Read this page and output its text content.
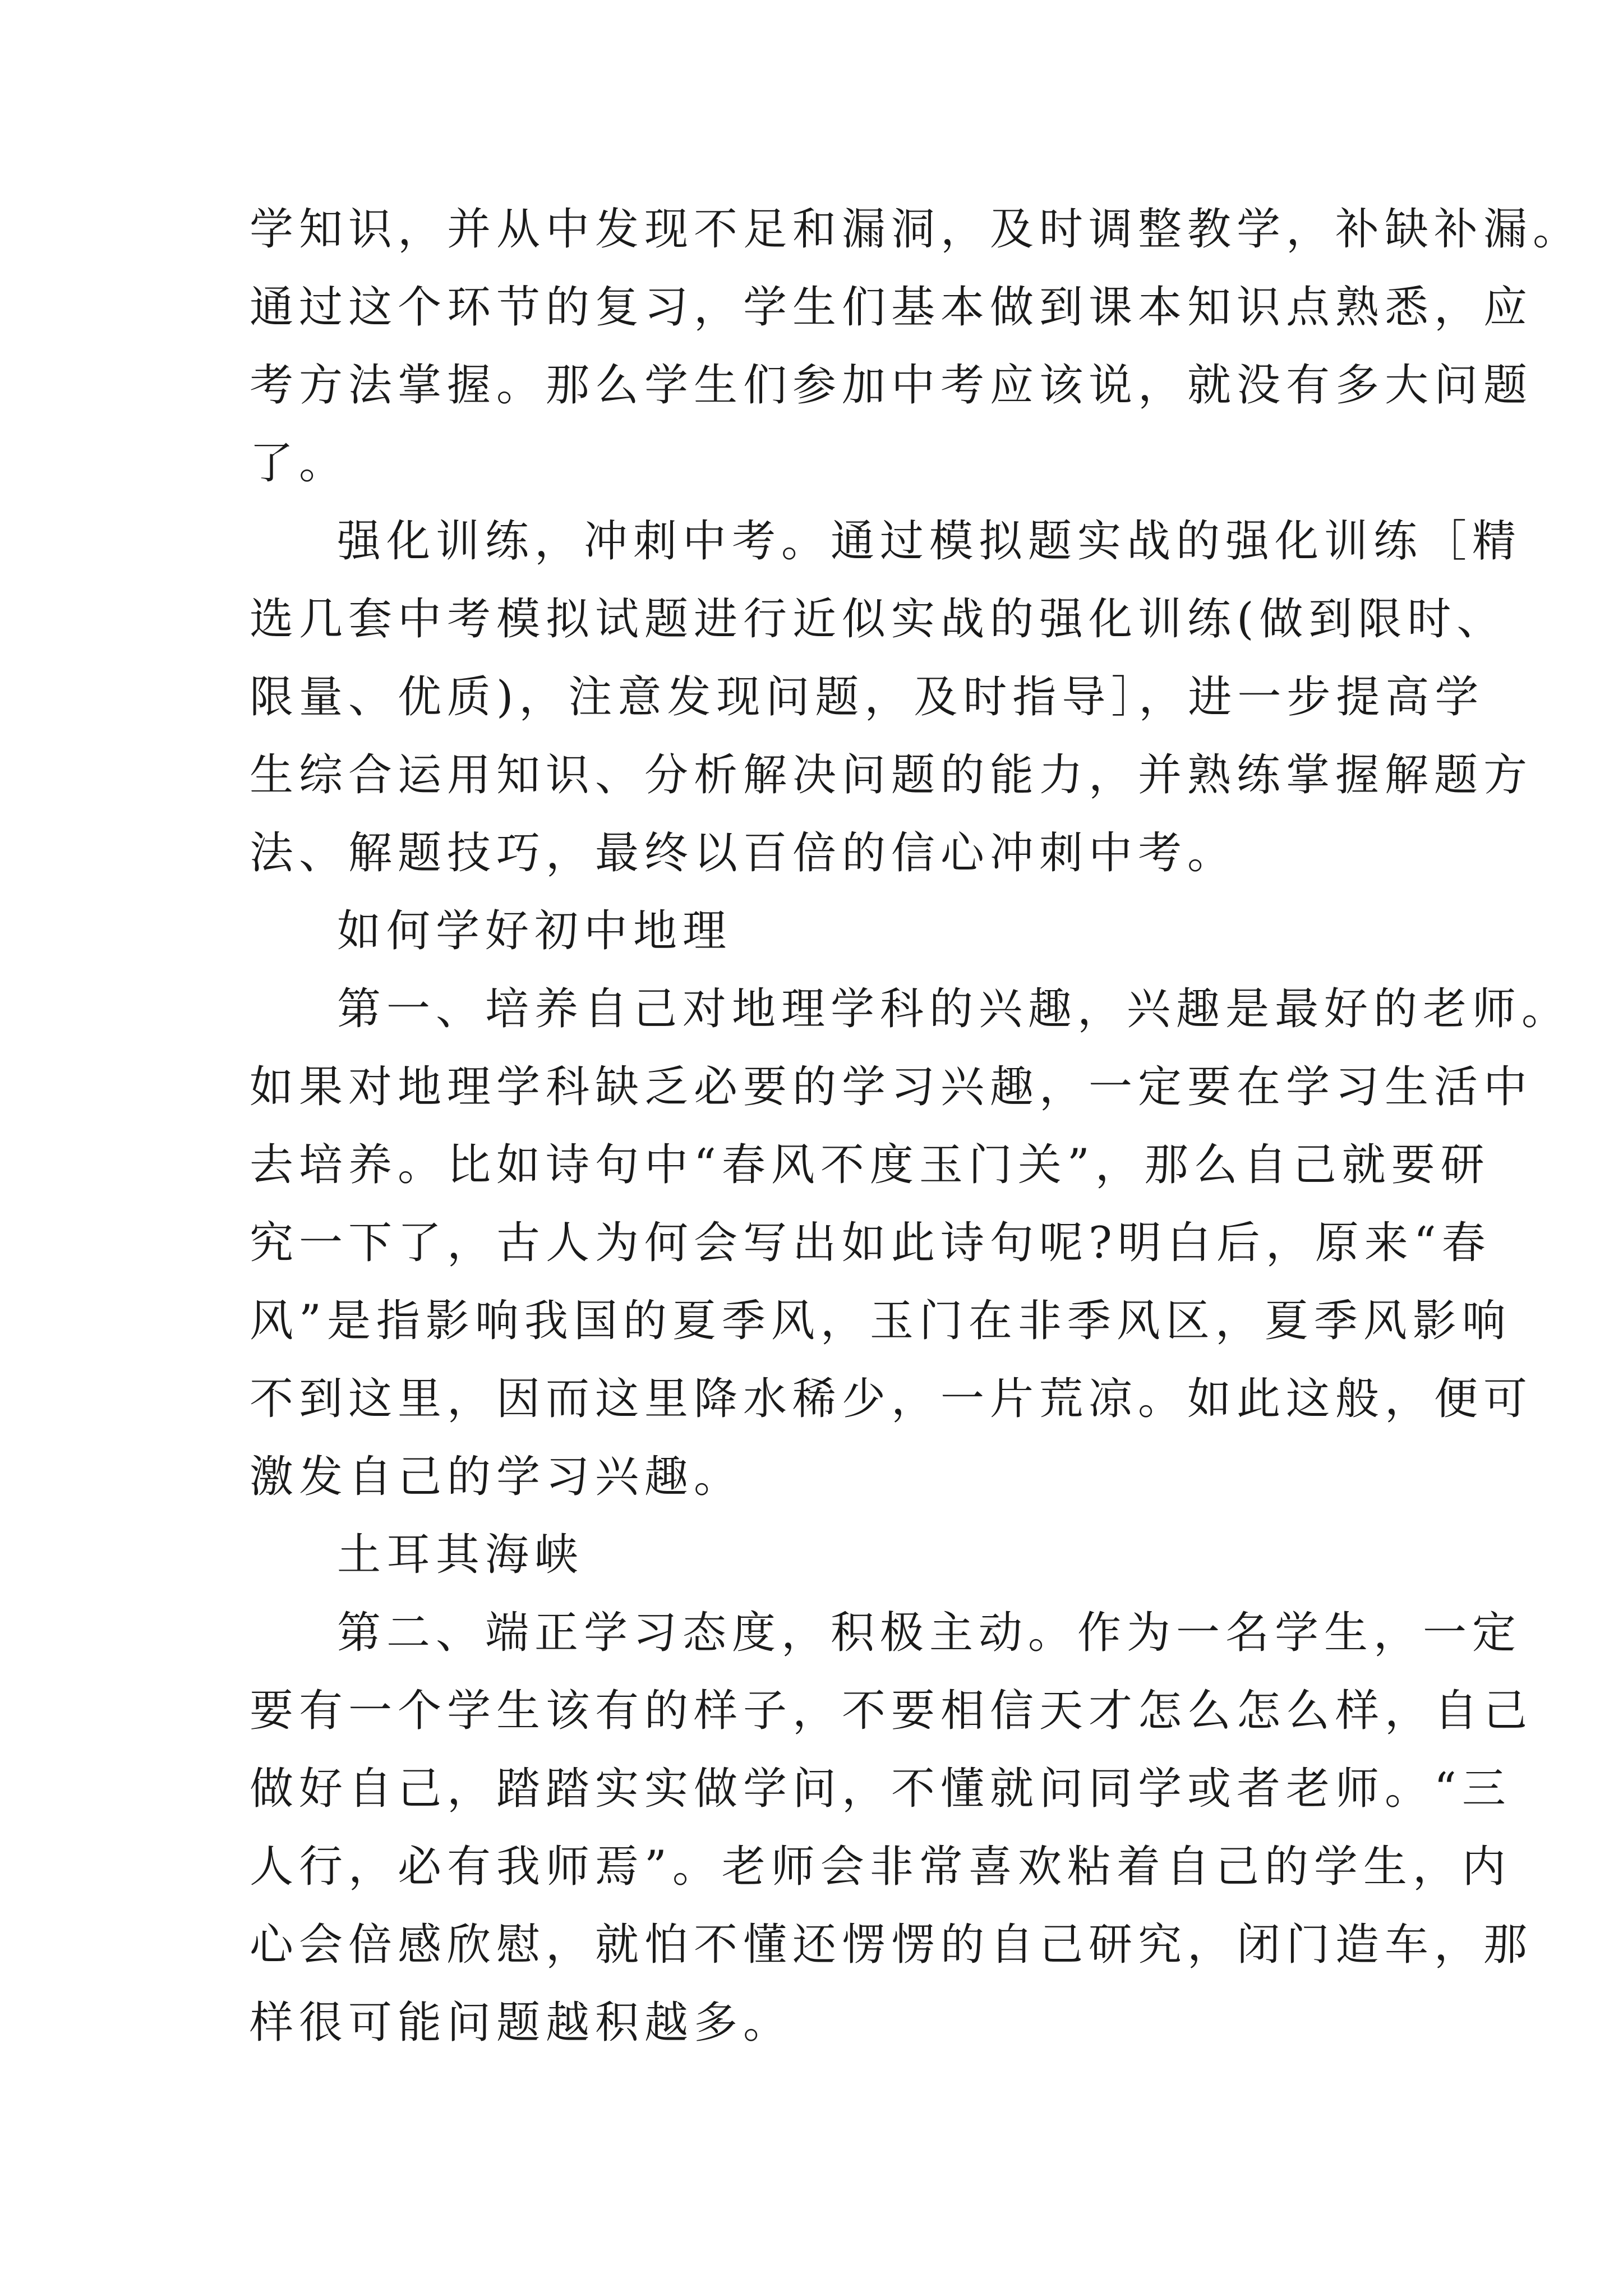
学知识，并从中发现不足和漏洞，及时调整教学，补缺补漏。
通过这个环节的复习，学生们基本做到课本知识点熟悉，应
考方法掌握。那么学生们参加中考应该说，就没有多大问题
了。
强化训练，冲刺中考。通过模拟题实战的强化训练［精
选几套中考模拟试题进行近似实战的强化训练(做到限时、
限量、优质)，注意发现问题，及时指导］，进一步提高学
生综合运用知识、分析解决问题的能力，并熟练掌握解题方
法、解题技巧，最终以百倍的信心冲刺中考。
如何学好初中地理
第一、培养自己对地理学科的兴趣，兴趣是最好的老师。
如果对地理学科缺乏必要的学习兴趣，一定要在学习生活中
去培养。比如诗句中“春风不度玉门关”，那么自己就要研
究一下了，古人为何会写出如此诗句呢?明白后，原来“春
风”是指影响我国的夏季风，玉门在非季风区，夏季风影响
不到这里，因而这里降水稀少，一片荒凉。如此这般，便可
激发自己的学习兴趣。
土耳其海峡
第二、端正学习态度，积极主动。作为一名学生，一定
要有一个学生该有的样子，不要相信天才怎么怎么样，自己
做好自己，踏踏实实做学问，不懂就问同学或者老师。“三
人行，必有我师焉”。老师会非常喜欢粘着自己的学生，内
心会倍感欣慰，就怕不懂还愣愣的自己研究，闭门造车，那
样很可能问题越积越多。
